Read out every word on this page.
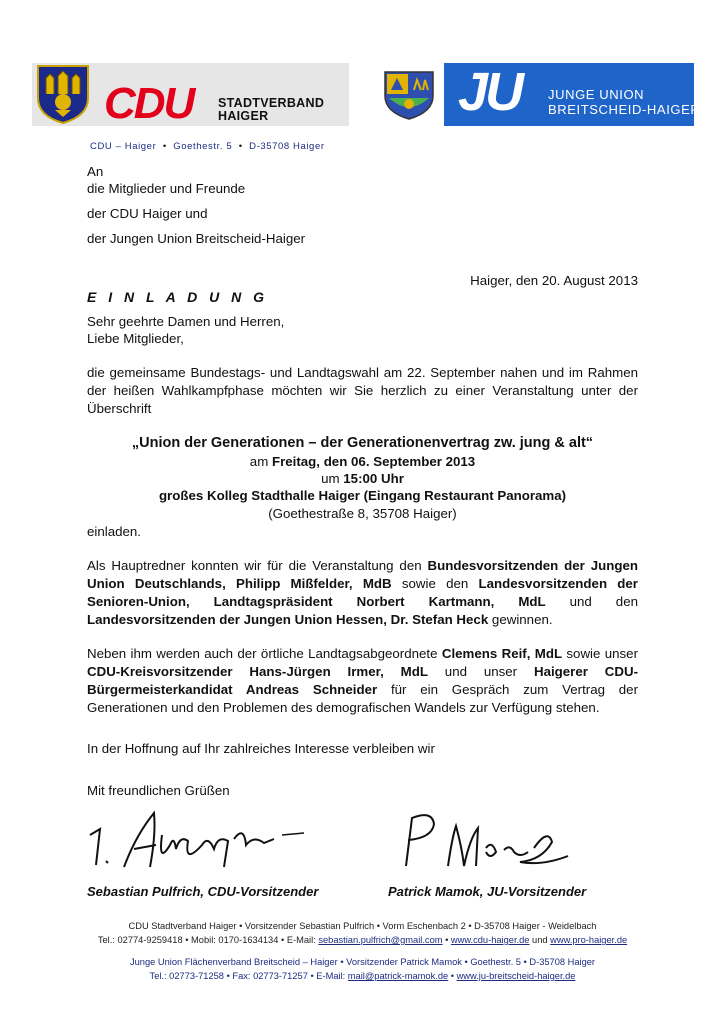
CDU STADTVERBAND
HAIGER	JU JUNGE UNION
BREITSCHEID-HAIGER
CDU – Haiger  •  Goethestr. 5  •  D-35708 Haiger
An
die Mitglieder und Freunde
der CDU Haiger und
der Jungen Union Breitscheid-Haiger
Haiger, den 20. August 2013
E I N L A D U N G
Sehr geehrte Damen und Herren,
Liebe Mitglieder,
die gemeinsame Bundestags- und Landtagswahl am 22. September nahen und im Rahmen der heißen Wahlkampfphase möchten wir Sie herzlich zu einer Veranstaltung unter der Überschrift
„Union der Generationen – der Generationenvertrag zw. jung & alt“
am Freitag, den 06. September 2013
um 15:00 Uhr
großes Kolleg Stadthalle Haiger (Eingang Restaurant Panorama)
(Goethestraße 8, 35708 Haiger)
einladen.
Als Hauptredner konnten wir für die Veranstaltung den Bundesvorsitzenden der Jungen Union Deutschlands, Philipp Mißfelder, MdB sowie den Landesvorsitzenden der Senioren-Union, Landtagspräsident Norbert Kartmann, MdL und den Landesvorsitzenden der Jungen Union Hessen, Dr. Stefan Heck gewinnen.
Neben ihm werden auch der örtliche Landtagsabgeordnete Clemens Reif, MdL sowie unser CDU-Kreisvorsitzender Hans-Jürgen Irmer, MdL und unser Haigerer CDU-Bürgermeisterkandidat Andreas Schneider für ein Gespräch zum Vertrag der Generationen und den Problemen des demografischen Wandels zur Verfügung stehen.
In der Hoffnung auf Ihr zahlreiches Interesse verbleiben wir
Mit freundlichen Grüßen
Sebastian Pulfrich, CDU-Vorsitzender	Patrick Mamok, JU-Vorsitzender
CDU Stadtverband Haiger • Vorsitzender Sebastian Pulfrich • Vorm Eschenbach 2 • D-35708 Haiger - Weidelbach
Tel.: 02774-9259418 • Mobil: 0170-1634134 • E-Mail: sebastian.pulfrich@gmail.com • www.cdu-haiger.de und www.pro-haiger.de
Junge Union Flächenverband Breitscheid – Haiger • Vorsitzender Patrick Mamok • Goethestr. 5 • D-35708 Haiger
Tel.: 02773-71258 • Fax: 02773-71257 • E-Mail: mail@patrick-mamok.de • www.ju-breitscheid-haiger.de
